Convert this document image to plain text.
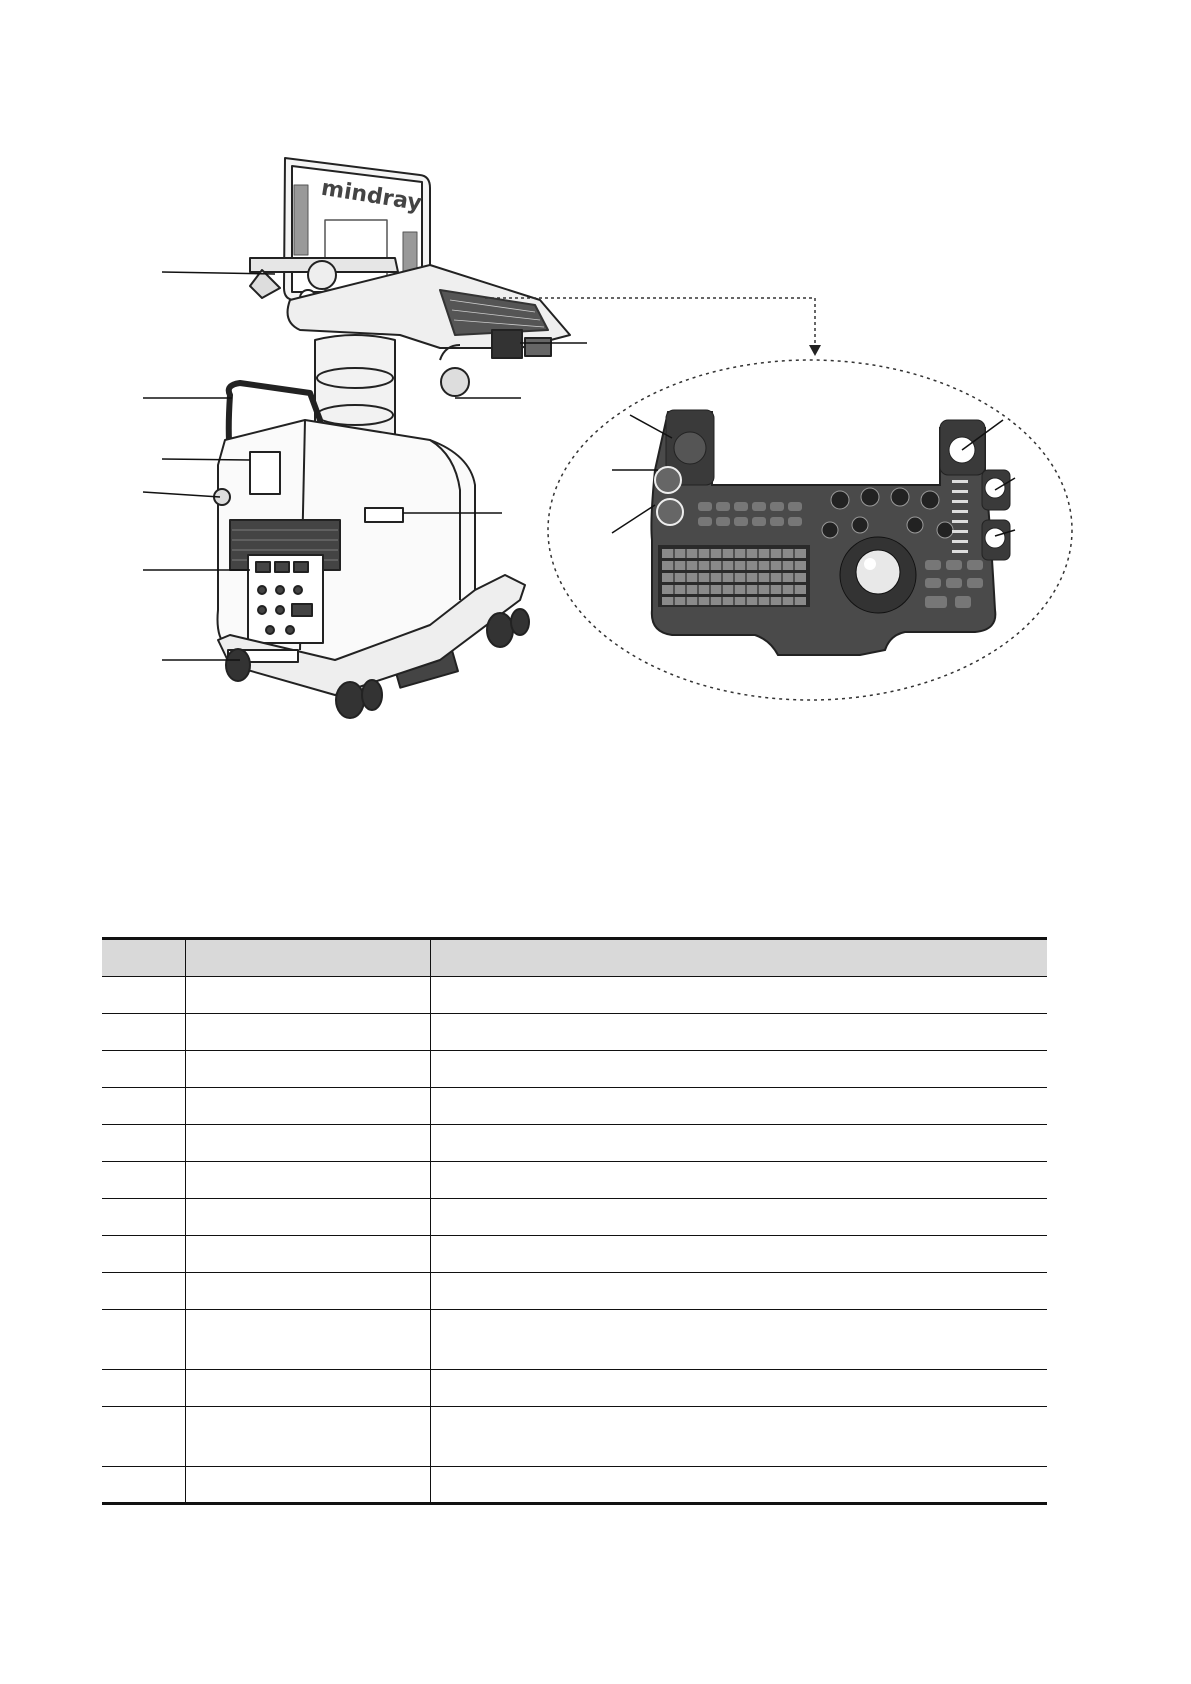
mindray
